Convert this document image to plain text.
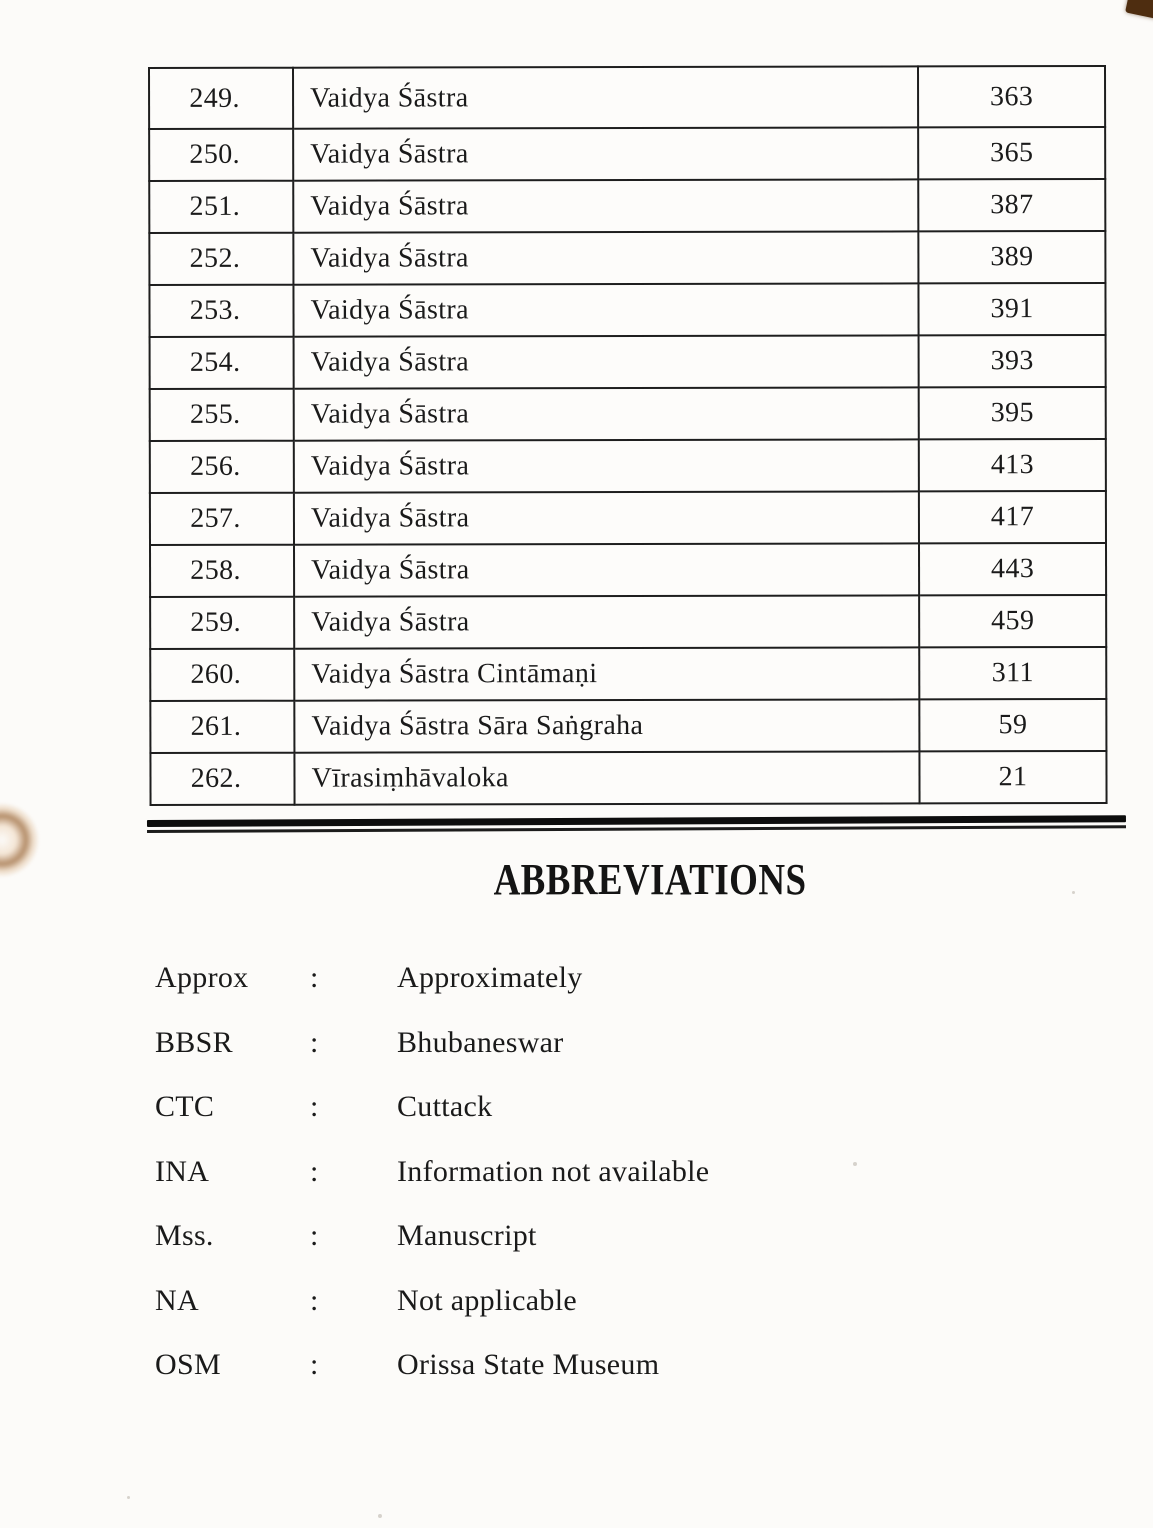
249.	Vaidya Śāstra	363
250.	Vaidya Śāstra	365
251.	Vaidya Śāstra	387
252.	Vaidya Śāstra	389
253.	Vaidya Śāstra	391
254.	Vaidya Śāstra	393
255.	Vaidya Śāstra	395
256.	Vaidya Śāstra	413
257.	Vaidya Śāstra	417
258.	Vaidya Śāstra	443
259.	Vaidya Śāstra	459
260.	Vaidya Śāstra Cintāmaṇi	311
261.	Vaidya Śāstra Sāra Saṅgraha	59
262.	Vīrasiṃhāvaloka	21
ABBREVIATIONS
Approx	:	Approximately
BBSR	:	Bhubaneswar
CTC	:	Cuttack
INA	:	Information not available
Mss.	:	Manuscript
NA	:	Not applicable
OSM	:	Orissa State Museum
